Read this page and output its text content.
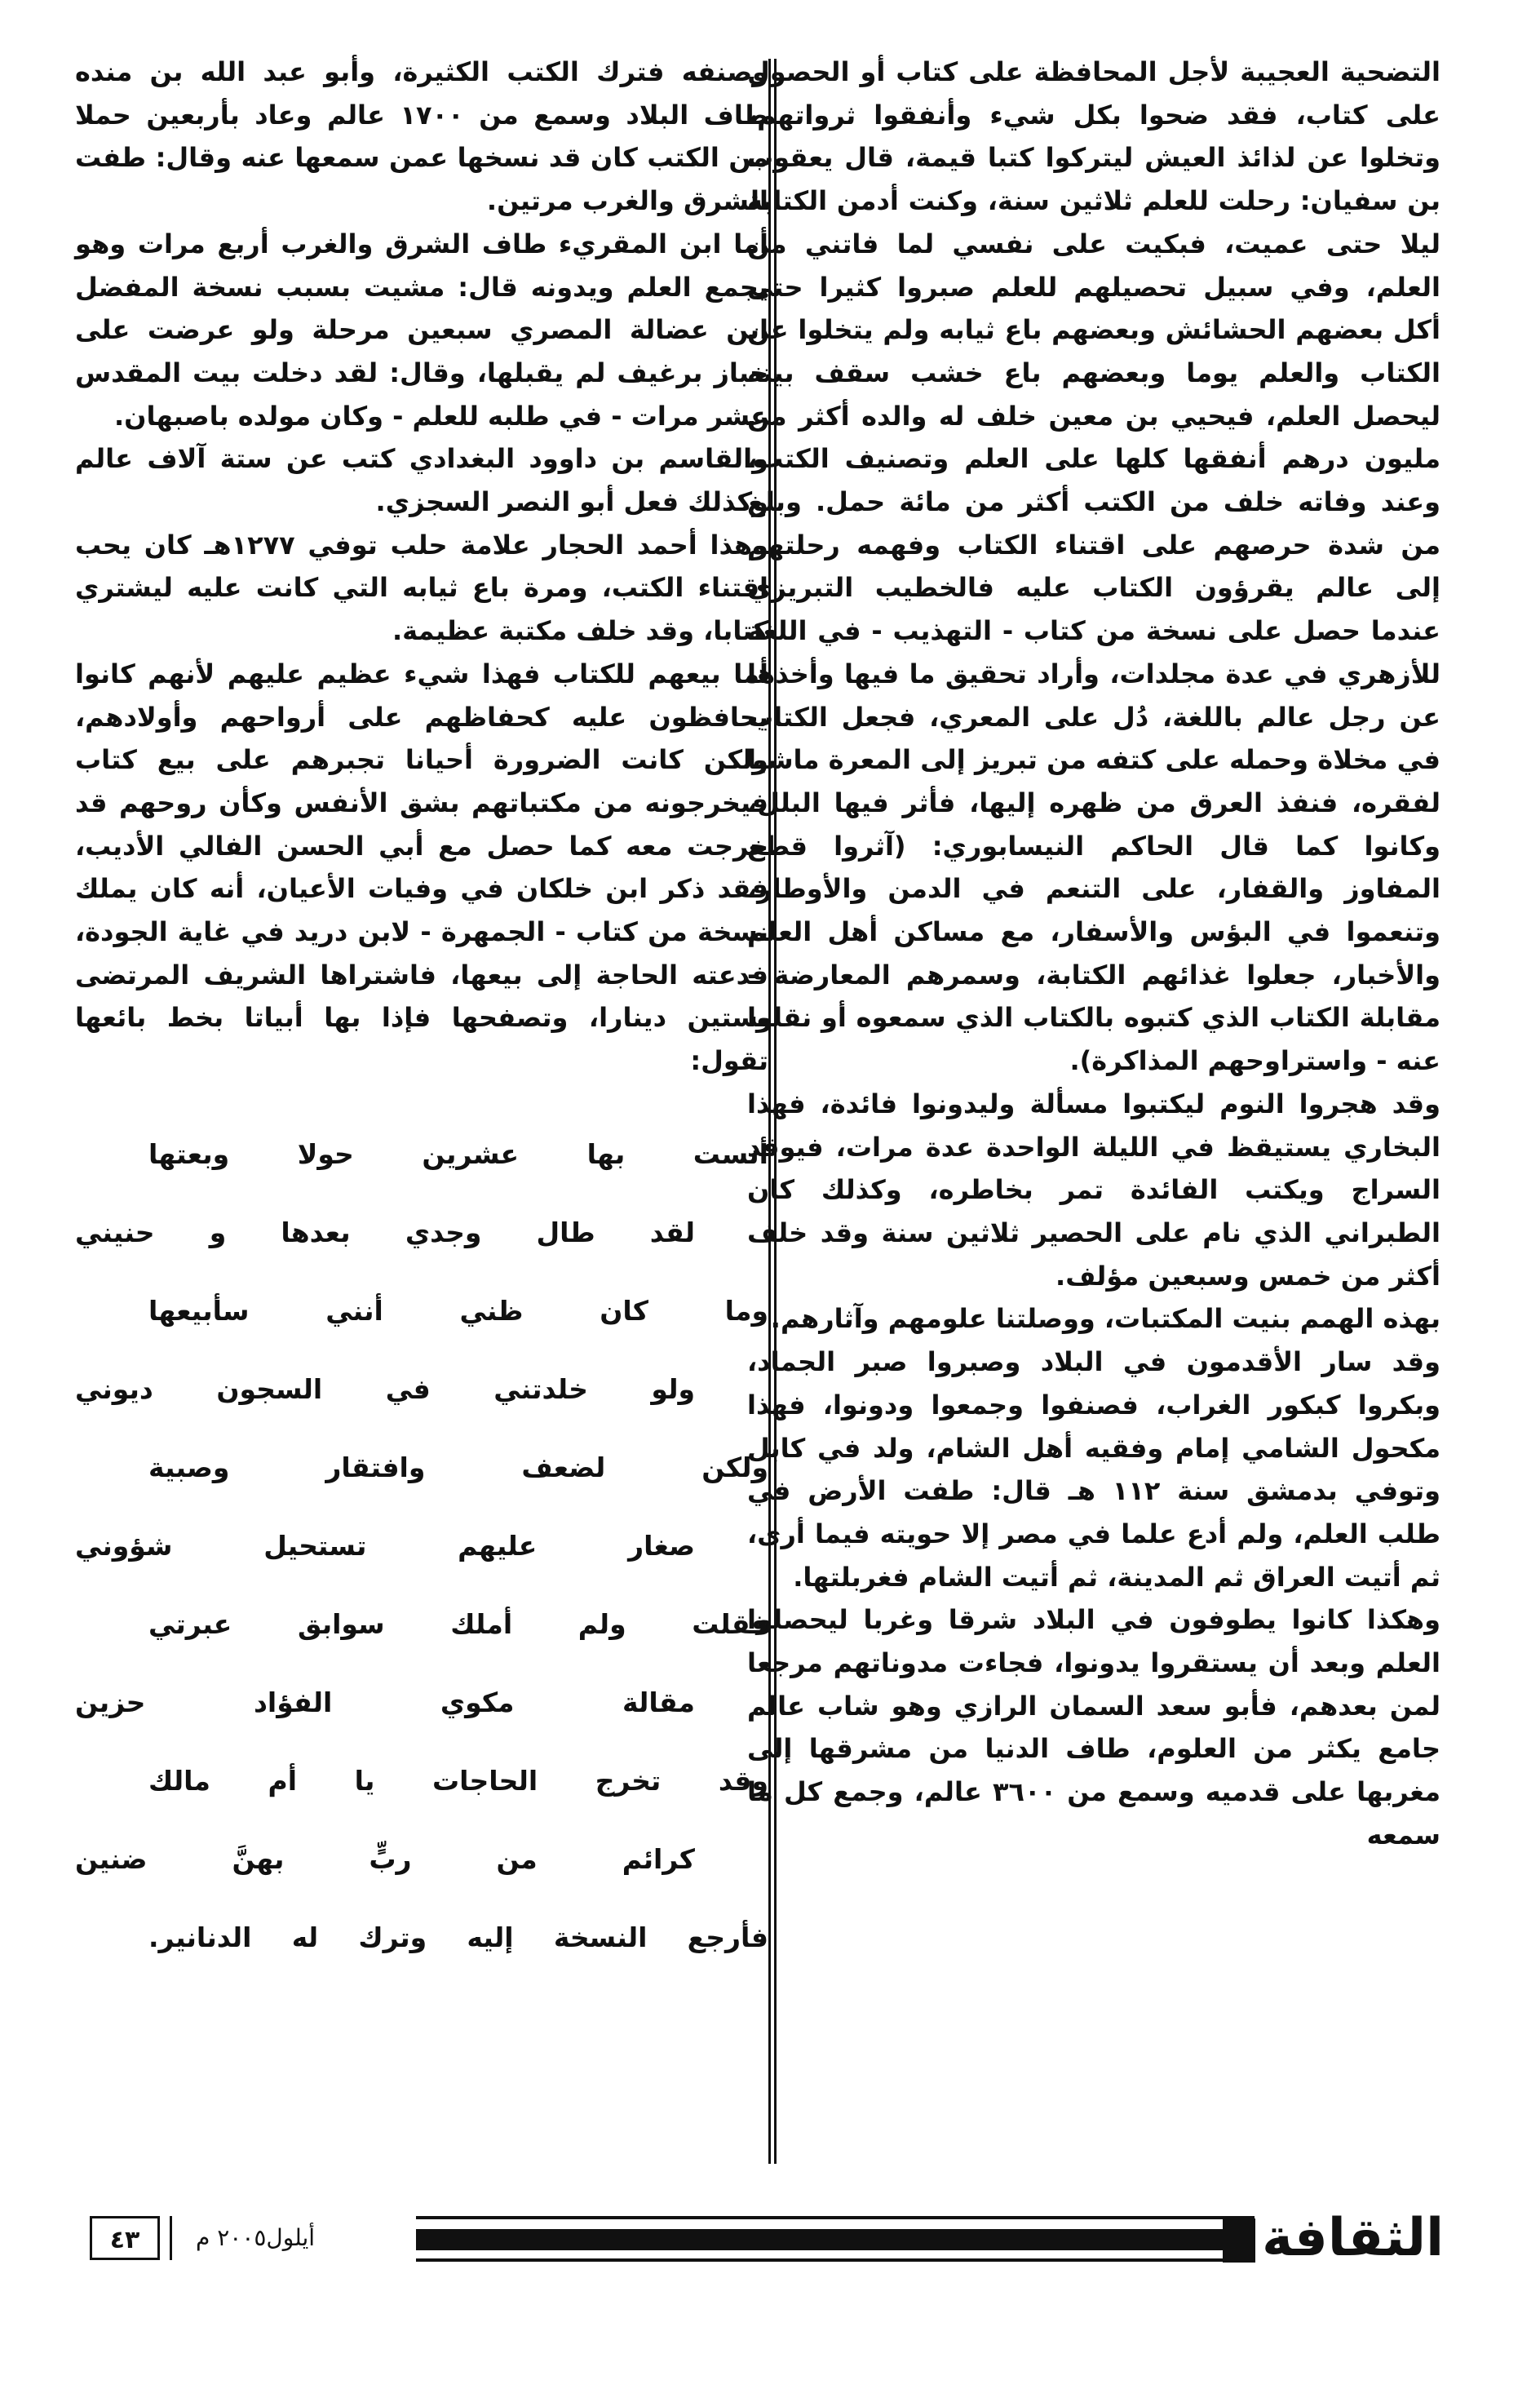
التضحية العجيبة لأجل المحافظة على كتاب أو الحصول على كتاب، فقد ضحوا بكل شيء وأنفقوا ثرواتهم، وتخلوا عن لذائذ العيش ليتركوا كتبا قيمة، قال يعقوب بن سفيان: رحلت للعلم ثلاثين سنة، وكنت أدمن الكتابة ليلا حتى عميت، فبكيت على نفسي لما فاتني من العلم، وفي سبيل تحصيلهم للعلم صبروا كثيرا حتى أكل بعضهم الحشائش وبعضهم باع ثيابه ولم يتخلوا عن الكتاب والعلم يوما وبعضهم باع خشب سقف بيته ليحصل العلم، فيحيي بن معين خلف له والده أكثر من مليون درهم أنفقها كلها على العلم وتصنيف الكتب، وعند وفاته خلف من الكتب أكثر من مائة حمل. وبلغ من شدة حرصهم على اقتناء الكتاب وفهمه رحلتهم إلى عالم يقرؤون الكتاب عليه فالخطيب التبريزي عندما حصل على نسخة من كتاب - التهذيب - في اللغة للأزهري في عدة مجلدات، وأراد تحقيق ما فيها وأخذها عن رجل عالم باللغة، دُل على المعري، فجعل الكتاب في مخلاة وحمله على كتفه من تبريز إلى المعرة ماشيا لفقره، فنفذ العرق من ظهره إليها، فأثر فيها البلل، وكانوا كما قال الحاكم النيسابوري: (آثروا قطع المفاوز والقفار، على التنعم في الدمن والأوطار، وتنعموا في البؤس والأسفار، مع مساكن أهل العلم والأخبار، جعلوا غذائهم الكتابة، وسمرهم المعارضة - مقابلة الكتاب الذي كتبوه بالكتاب الذي سمعوه أو نقلوا عنه - واستراوحهم المذاكرة).

وقد هجروا النوم ليكتبوا مسألة وليدونوا فائدة، فهذا البخاري يستيقظ في الليلة الواحدة عدة مرات، فيوقد السراج ويكتب الفائدة تمر بخاطره، وكذلك كان الطبراني الذي نام على الحصير ثلاثين سنة وقد خلف أكثر من خمس وسبعين مؤلف.

بهذه الهمم بنيت المكتبات، ووصلتنا علومهم وآثارهم.

وقد سار الأقدمون في البلاد وصبروا صبر الجماد، وبكروا كبكور الغراب، فصنفوا وجمعوا ودونوا، فهذا مكحول الشامي إمام وفقيه أهل الشام، ولد في كابل وتوفي بدمشق سنة ١١٢ هـ قال: طفت الأرض في طلب العلم، ولم أدع علما في مصر إلا حويته فيما أرى، ثم أتيت العراق ثم المدينة، ثم أتيت الشام فغربلتها.

وهكذا كانوا يطوفون في البلاد شرقا وغربا ليحصلوا العلم وبعد أن يستقروا يدونوا، فجاءت مدوناتهم مرجعا لمن بعدهم، فأبو سعد السمان الرازي وهو شاب عالم جامع يكثر من العلوم، طاف الدنيا من مشرقها إلى مغربها على قدميه وسمع من ٣٦٠٠ عالم، وجمع كل ما سمعه

وصنفه فترك الكتب الكثيرة، وأبو عبد الله بن منده طاف البلاد وسمع من ١٧٠٠ عالم وعاد بأربعين حملا من الكتب كان قد نسخها عمن سمعها عنه وقال: طفت الشرق والغرب مرتين.

أما ابن المقريء طاف الشرق والغرب أربع مرات وهو يجمع العلم ويدونه قال: مشيت بسبب نسخة المفضل ابن عضالة المصري سبعين مرحلة ولو عرضت على خباز برغيف لم يقبلها، وقال: لقد دخلت بيت المقدس عشر مرات - في طلبه للعلم - وكان مولده باصبهان.

والقاسم بن داوود البغدادي كتب عن ستة آلاف عالم وكذلك فعل أبو النصر السجزي.

وهذا أحمد الحجار علامة حلب توفي ١٢٧٧هـ كان يحب اقتناء الكتب، ومرة باع ثيابه التي كانت عليه ليشتري كتابا، وقد خلف مكتبة عظيمة.

أما بيعهم للكتاب فهذا شيء عظيم عليهم لأنهم كانوا يحافظون عليه كحفاظهم على أرواحهم وأولادهم، ولكن كانت الضرورة أحيانا تجبرهم على بيع كتاب فيخرجونه من مكتباتهم بشق الأنفس وكأن روحهم قد خرجت معه كما حصل مع أبي الحسن الفالي الأديب، فقد ذكر ابن خلكان في وفيات الأعيان، أنه كان يملك نسخة من كتاب - الجمهرة - لابن دريد في غاية الجودة، فدعته الحاجة إلى بيعها، فاشتراها الشريف المرتضى بستين دينارا، وتصفحها فإذا بها أبياتا بخط بائعها تقول:

أنست بها عشرين حولا وبعتها
لقد طال وجدي بعدها و حنيني
وما كان ظني أنني سأبيعها
ولو خلدتني في السجون ديوني
ولكن لضعف وافتقار وصبية
صغار عليهم تستحيل شؤوني
فقلت ولم أملك سوابق عبرتي
مقالة مكوي الفؤاد حزين
وقد تخرج الحاجات يا أم مالك
كرائم من ربٍّ بهنَّ ضنين
فأرجع النسخة إليه وترك له الدنانير.
الثقافة
أيلول٢٠٠٥ م
٤٣
